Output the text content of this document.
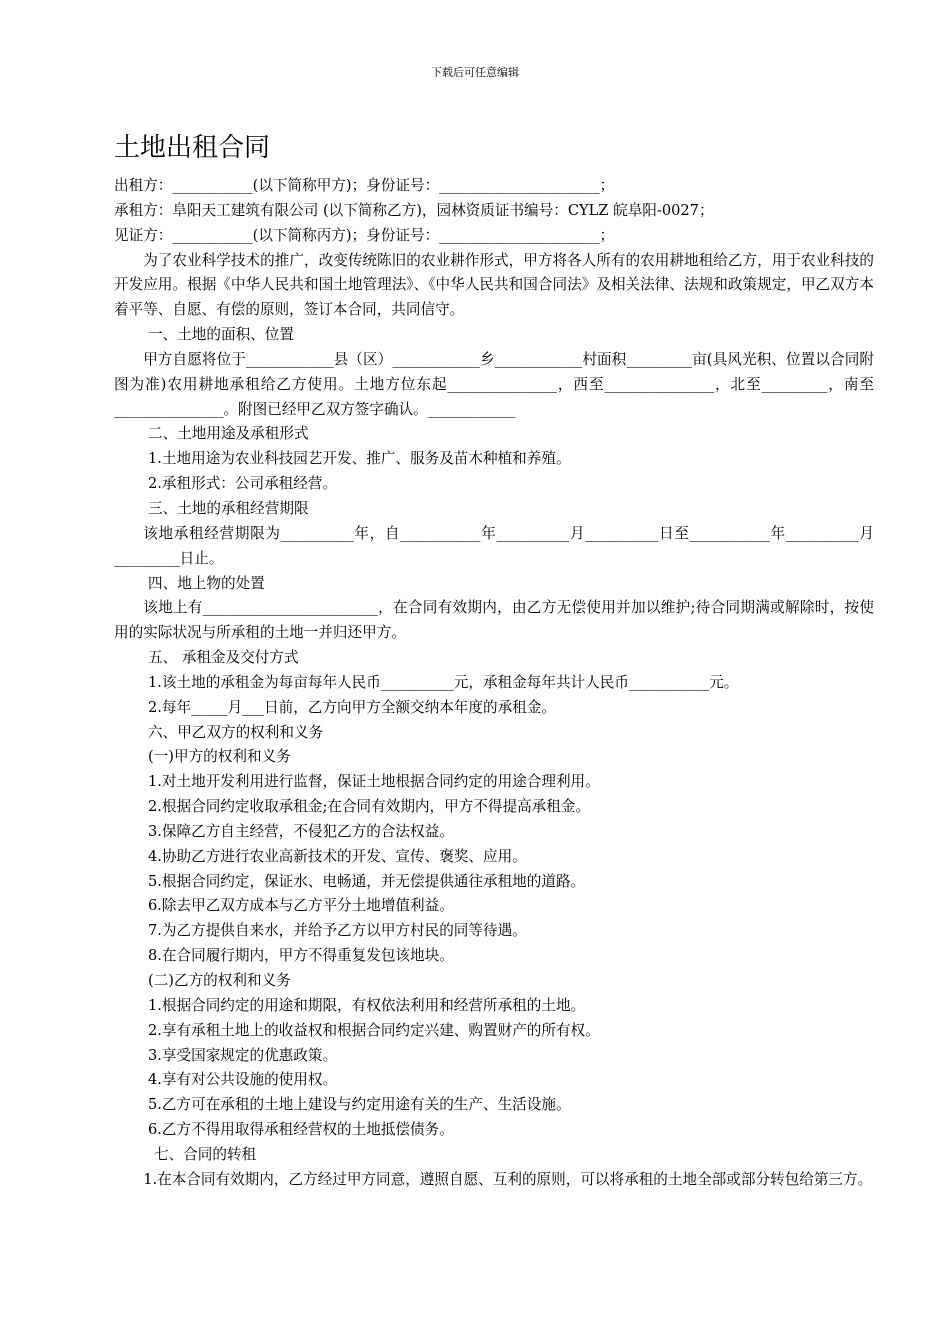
下载后可任意编辑
土地出租合同

出租方：___________(以下简称甲方)；身份证号：______________________；

承租方：阜阳天工建筑有限公司 (以下简称乙方)，园林资质证书编号：CYLZ 皖阜阳-0027；

见证方：___________(以下简称丙方)；身份证号：______________________；

为了农业科学技术的推广，改变传统陈旧的农业耕作形式，甲方将各人所有的农用耕地租给乙方，用于农业科技的开发应用。根据《中华人民共和国土地管理法》、《中华人民共和国合同法》及相关法律、法规和政策规定，甲乙双方本着平等、自愿、有偿的原则，签订本合同，共同信守。

一、土地的面积、位置

甲方自愿将位于____________县（区）____________乡____________村面积_________亩(具风光积、位置以合同附图为准)农用耕地承租给乙方使用。土地方位东起_______________，西至_______________，北至_________，南至_______________。附图已经甲乙双方签字确认。____________

二、土地用途及承租形式

1.土地用途为农业科技园艺开发、推广、服务及苗木种植和养殖。

2.承租形式：公司承租经营。

三、土地的承租经营期限

该地承租经营期限为__________年，自___________年__________月__________日至___________年__________月_________日止。

四、地上物的处置

该地上有________________________，在合同有效期内，由乙方无偿使用并加以维护;待合同期满或解除时，按使用的实际状况与所承租的土地一并归还甲方。

五、 承租金及交付方式

1.该土地的承租金为每亩每年人民币__________元，承租金每年共计人民币___________元。

2.每年_____月___日前，乙方向甲方全额交纳本年度的承租金。

六、甲乙双方的权利和义务

(一)甲方的权利和义务

1.对土地开发利用进行监督，保证土地根据合同约定的用途合理利用。

2.根据合同约定收取承租金;在合同有效期内，甲方不得提高承租金。

3.保障乙方自主经营，不侵犯乙方的合法权益。

4.协助乙方进行农业高新技术的开发、宣传、褒奖、应用。

5.根据合同约定，保证水、电畅通，并无偿提供通往承租地的道路。

6.除去甲乙双方成本与乙方平分土地增值利益。

7.为乙方提供自来水，并给予乙方以甲方村民的同等待遇。

8.在合同履行期内，甲方不得重复发包该地块。

(二)乙方的权利和义务

1.根据合同约定的用途和期限，有权依法利用和经营所承租的土地。

2.享有承租土地上的收益权和根据合同约定兴建、购置财产的所有权。

3.享受国家规定的优惠政策。

4.享有对公共设施的使用权。

5.乙方可在承租的土地上建设与约定用途有关的生产、生活设施。

6.乙方不得用取得承租经营权的土地抵偿债务。

七、合同的转租

1.在本合同有效期内，乙方经过甲方同意，遵照自愿、互利的原则，可以将承租的土地全部或部分转包给第三方。
